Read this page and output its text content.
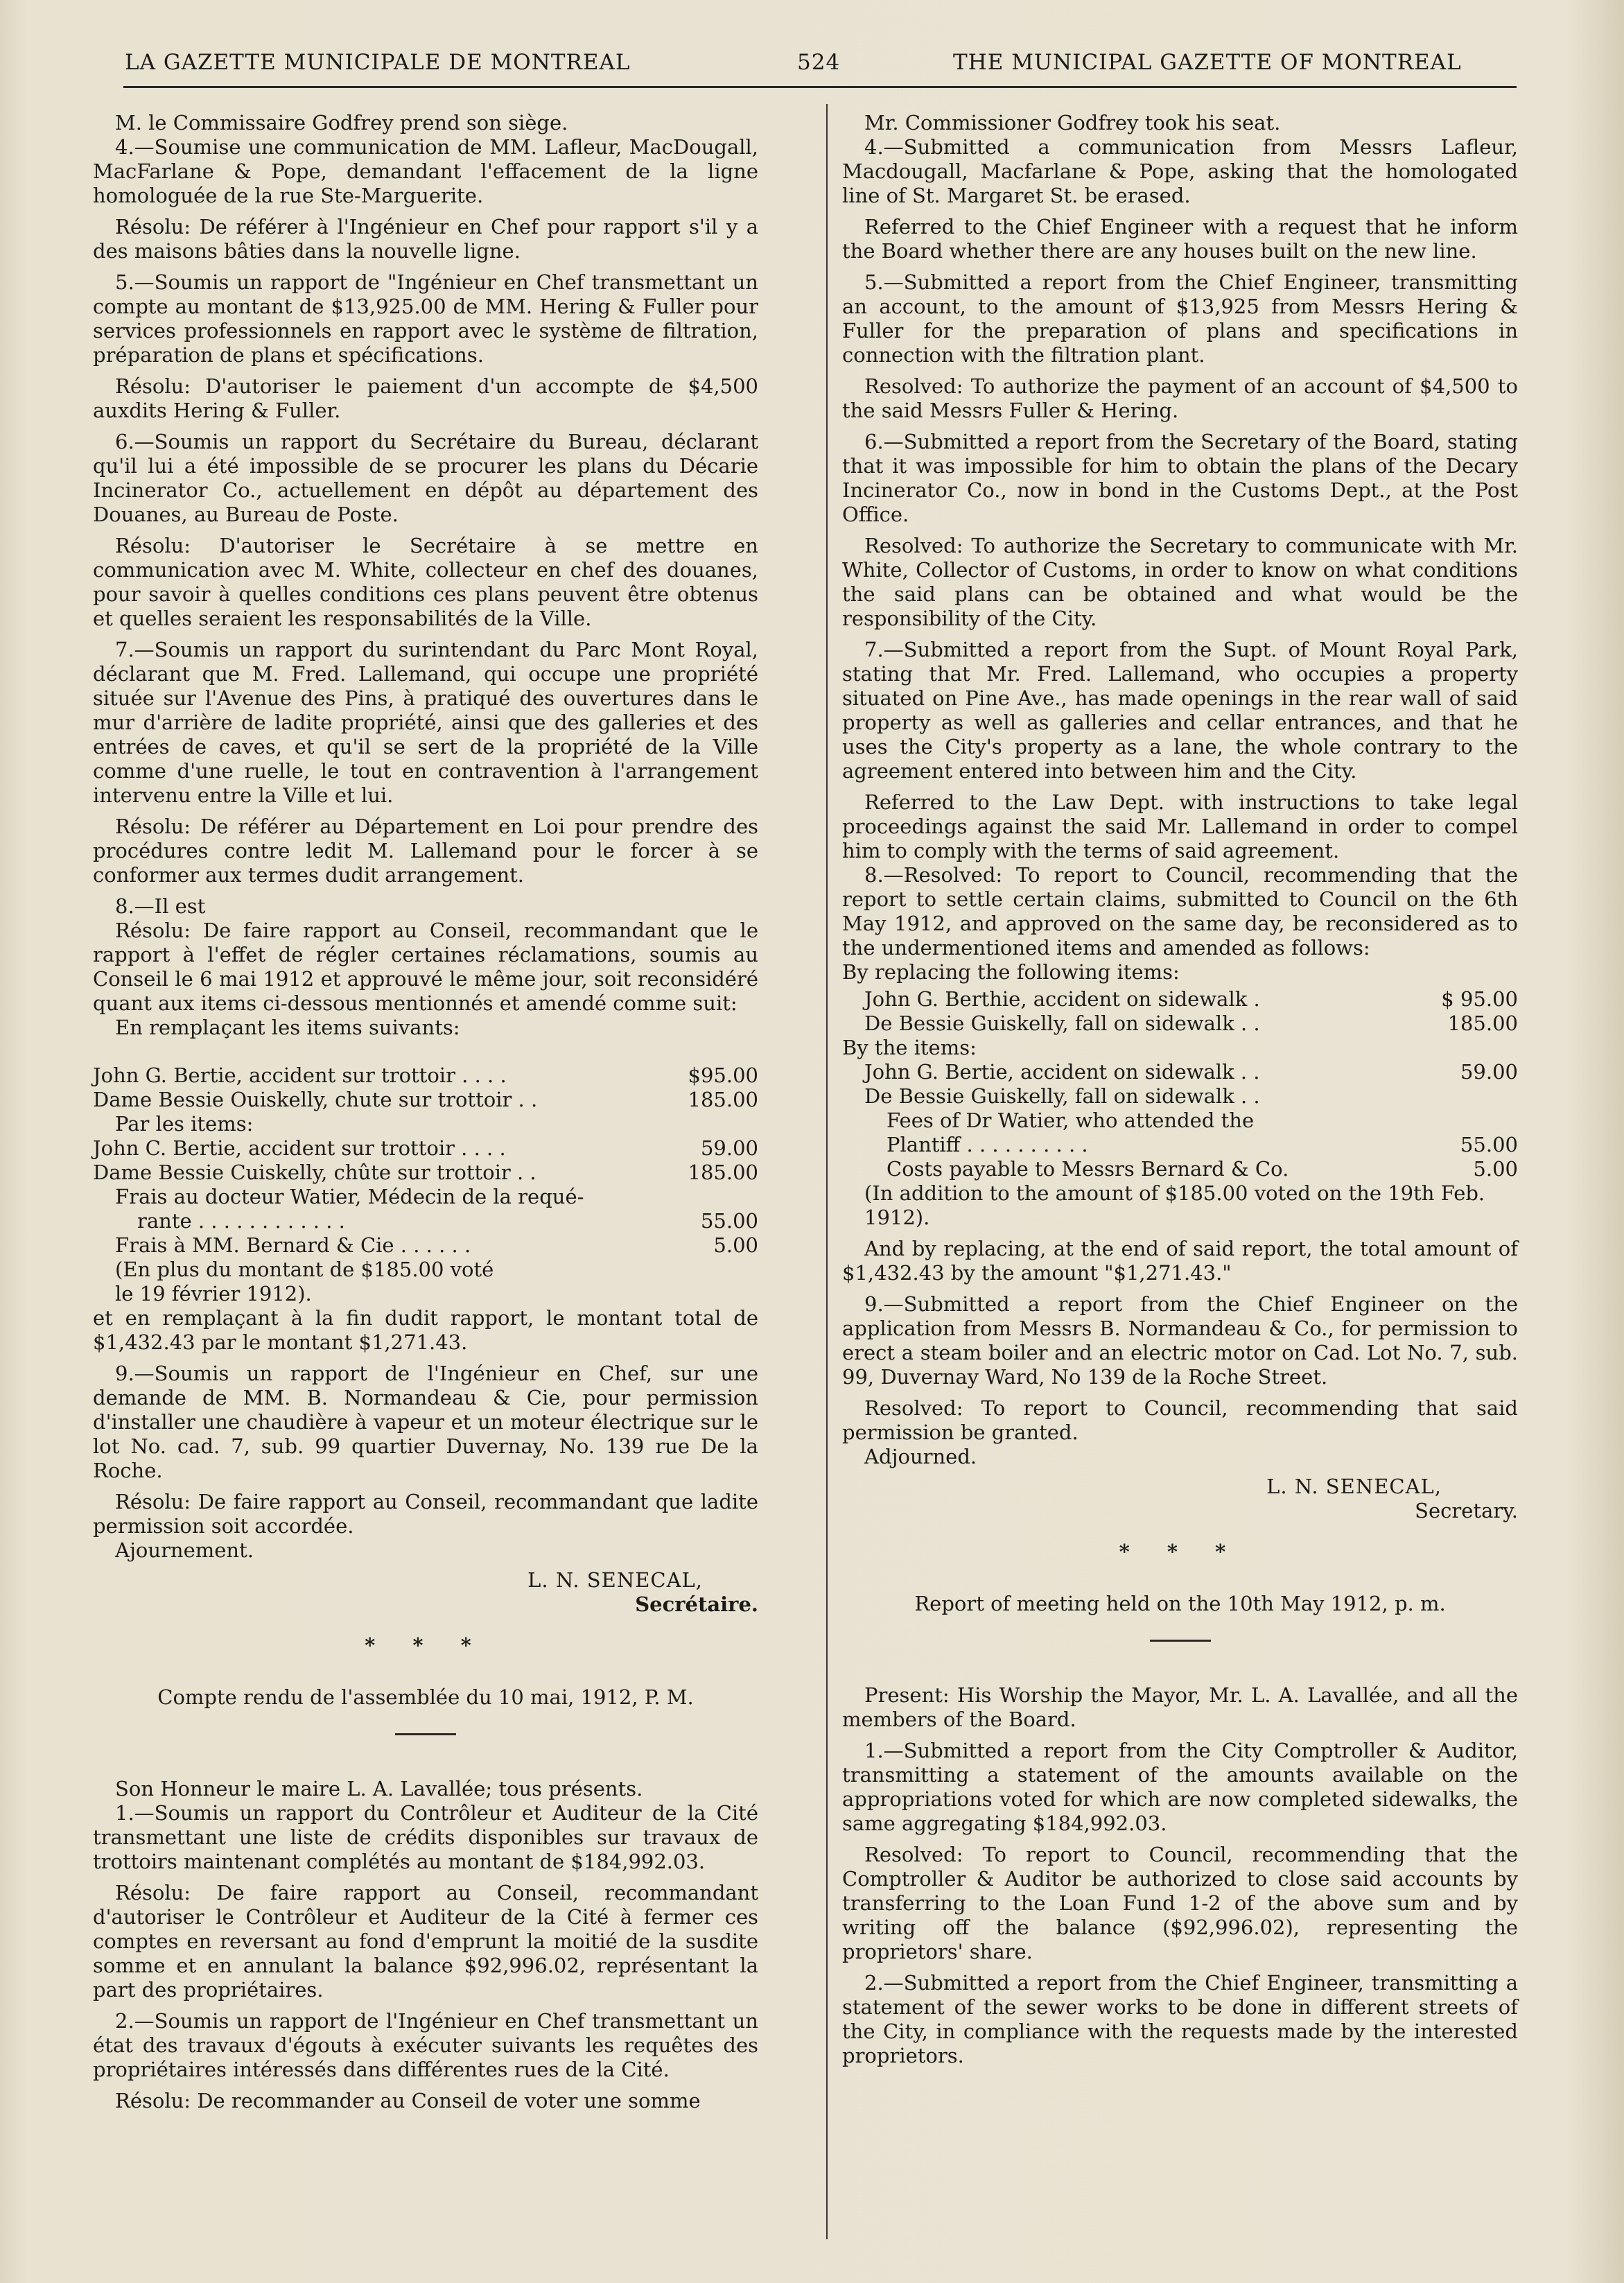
LA GAZETTE MUNICIPALE DE MONTREAL	524	THE MUNICIPAL GAZETTE OF MONTREAL

M. le Commissaire Godfrey prend son siège.

4.—Soumise une communication de MM. Lafleur, MacDougall, MacFarlane & Pope, demandant l'effacement de la ligne homologuée de la rue Ste-Marguerite.

Résolu: De référer à l'Ingénieur en Chef pour rapport s'il y a des maisons bâties dans la nouvelle ligne.

5.—Soumis un rapport de "Ingénieur en Chef transmettant un compte au montant de $13,925.00 de MM. Hering & Fuller pour services professionnels en rapport avec le système de filtration, préparation de plans et spécifications.

Résolu: D'autoriser le paiement d'un accompte de $4,500 auxdits Hering & Fuller.

6.—Soumis un rapport du Secrétaire du Bureau, déclarant qu'il lui a été impossible de se procurer les plans du Décarie Incinerator Co., actuellement en dépôt au département des Douanes, au Bureau de Poste.

Résolu: D'autoriser le Secrétaire à se mettre en communication avec M. White, collecteur en chef des douanes, pour savoir à quelles conditions ces plans peuvent être obtenus et quelles seraient les responsabilités de la Ville.

7.—Soumis un rapport du surintendant du Parc Mont Royal, déclarant que M. Fred. Lallemand, qui occupe une propriété située sur l'Avenue des Pins, à pratiqué des ouvertures dans le mur d'arrière de ladite propriété, ainsi que des galleries et des entrées de caves, et qu'il se sert de la propriété de la Ville comme d'une ruelle, le tout en contravention à l'arrangement intervenu entre la Ville et lui.

Résolu: De référer au Département en Loi pour prendre des procédures contre ledit M. Lallemand pour le forcer à se conformer aux termes dudit arrangement.

8.—Il est

Résolu: De faire rapport au Conseil, recommandant que le rapport à l'effet de régler certaines réclamations, soumis au Conseil le 6 mai 1912 et approuvé le même jour, soit reconsidéré quant aux items ci-dessous mentionnés et amendé comme suit:

En remplaçant les items suivants:

John G. Bertie, accident sur trottoir . . . .	$95.00
Dame Bessie Ouiskelly, chute sur trottoir . .	185.00
Par les items:
John C. Bertie, accident sur trottoir . . . .	59.00
Dame Bessie Cuiskelly, chûte sur trottoir . .	185.00
Frais au docteur Watier, Médecin de la requé-
rante . . . . . . . . . . . .	55.00
Frais à MM. Bernard & Cie . . . . . .	5.00
(En plus du montant de $185.00 voté le 19 février 1912).

et en remplaçant à la fin dudit rapport, le montant total de $1,432.43 par le montant $1,271.43.

9.—Soumis un rapport de l'Ingénieur en Chef, sur une demande de MM. B. Normandeau & Cie, pour permission d'installer une chaudière à vapeur et un moteur électrique sur le lot No. cad. 7, sub. 99 quartier Duvernay, No. 139 rue De la Roche.

Résolu: De faire rapport au Conseil, recommandant que ladite permission soit accordée.

Ajournement.

L. N. SENECAL,
Secrétaire.
* * *
Compte rendu de l'assemblée du 10 mai, 1912, P. M.

Son Honneur le maire L. A. Lavallée; tous présents.

1.—Soumis un rapport du Contrôleur et Auditeur de la Cité transmettant une liste de crédits disponibles sur travaux de trottoirs maintenant complétés au montant de $184,992.03.

Résolu: De faire rapport au Conseil, recommandant d'autoriser le Contrôleur et Auditeur de la Cité à fermer ces comptes en reversant au fond d'emprunt la moitié de la susdite somme et en annulant la balance $92,996.02, représentant la part des propriétaires.

2.—Soumis un rapport de l'Ingénieur en Chef transmettant un état des travaux d'égouts à exécuter suivants les requêtes des propriétaires intéressés dans différentes rues de la Cité.

Résolu: De recommander au Conseil de voter une somme

Mr. Commissioner Godfrey took his seat.

4.—Submitted a communication from Messrs Lafleur, Macdougall, Macfarlane & Pope, asking that the homologated line of St. Margaret St. be erased.

Referred to the Chief Engineer with a request that he inform the Board whether there are any houses built on the new line.

5.—Submitted a report from the Chief Engineer, transmitting an account, to the amount of $13,925 from Messrs Hering & Fuller for the preparation of plans and specifications in connection with the filtration plant.

Resolved: To authorize the payment of an account of $4,500 to the said Messrs Fuller & Hering.

6.—Submitted a report from the Secretary of the Board, stating that it was impossible for him to obtain the plans of the Decary Incinerator Co., now in bond in the Customs Dept., at the Post Office.

Resolved: To authorize the Secretary to communicate with Mr. White, Collector of Customs, in order to know on what conditions the said plans can be obtained and what would be the responsibility of the City.

7.—Submitted a report from the Supt. of Mount Royal Park, stating that Mr. Fred. Lallemand, who occupies a property situated on Pine Ave., has made openings in the rear wall of said property as well as galleries and cellar entrances, and that he uses the City's property as a lane, the whole contrary to the agreement entered into between him and the City.

Referred to the Law Dept. with instructions to take legal proceedings against the said Mr. Lallemand in order to compel him to comply with the terms of said agreement.

8.—Resolved: To report to Council, recommending that the report to settle certain claims, submitted to Council on the 6th May 1912, and approved on the same day, be reconsidered as to the undermentioned items and amended as follows:

By replacing the following items:

John G. Berthie, accident on sidewalk .	$ 95.00
De Bessie Guiskelly, fall on sidewalk . .	185.00
By the items:
John G. Bertie, accident on sidewalk . .	59.00
De Bessie Guiskelly, fall on sidewalk . .
Fees of Dr Watier, who attended the
Plantiff . . . . . . . . . .	55.00
Costs payable to Messrs Bernard & Co.	5.00
(In addition to the amount of $185.00 voted on the 19th Feb. 1912).

And by replacing, at the end of said report, the total amount of $1,432.43 by the amount "$1,271.43."

9.—Submitted a report from the Chief Engineer on the application from Messrs B. Normandeau & Co., for permission to erect a steam boiler and an electric motor on Cad. Lot No. 7, sub. 99, Duvernay Ward, No 139 de la Roche Street.

Resolved: To report to Council, recommending that said permission be granted.

Adjourned.

L. N. SENECAL,
Secretary.
* * *
Report of meeting held on the 10th May 1912, p. m.

Present: His Worship the Mayor, Mr. L. A. Lavallée, and all the members of the Board.

1.—Submitted a report from the City Comptroller & Auditor, transmitting a statement of the amounts available on the appropriations voted for which are now completed sidewalks, the same aggregating $184,992.03.

Resolved: To report to Council, recommending that the Comptroller & Auditor be authorized to close said accounts by transferring to the Loan Fund 1-2 of the above sum and by writing off the balance ($92,996.02), representing the proprietors' share.

2.—Submitted a report from the Chief Engineer, transmitting a statement of the sewer works to be done in different streets of the City, in compliance with the requests made by the interested proprietors.
